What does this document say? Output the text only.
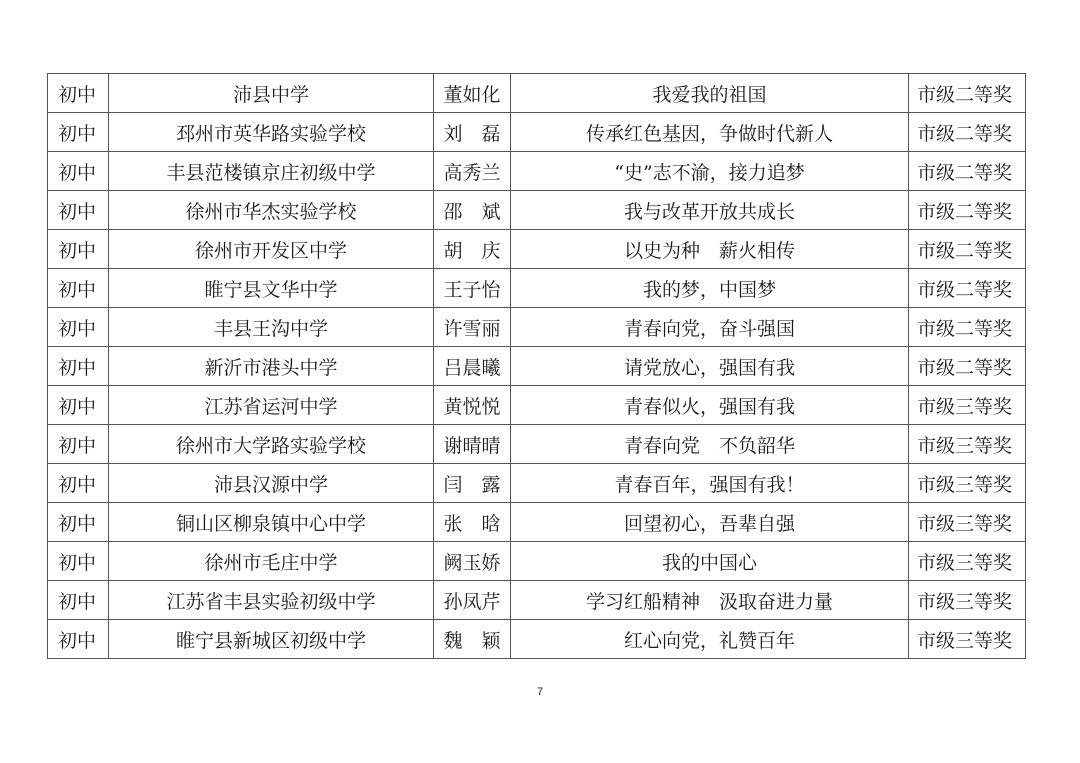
初中	沛县中学	董如化	我爱我的祖国	市级二等奖
初中	邳州市英华路实验学校	刘　磊	传承红色基因，争做时代新人	市级二等奖
初中	丰县范楼镇京庄初级中学	高秀兰	“史”志不渝，接力追梦	市级二等奖
初中	徐州市华杰实验学校	邵　斌	我与改革开放共成长	市级二等奖
初中	徐州市开发区中学	胡　庆	以史为种　薪火相传	市级二等奖
初中	睢宁县文华中学	王子怡	我的梦，中国梦	市级二等奖
初中	丰县王沟中学	许雪丽	青春向党，奋斗强国	市级二等奖
初中	新沂市港头中学	吕晨曦	请党放心，强国有我	市级二等奖
初中	江苏省运河中学	黄悦悦	青春似火，强国有我	市级三等奖
初中	徐州市大学路实验学校	谢晴晴	青春向党　不负韶华	市级三等奖
初中	沛县汉源中学	闫　露	青春百年，强国有我！	市级三等奖
初中	铜山区柳泉镇中心中学	张　晗	回望初心，吾辈自强	市级三等奖
初中	徐州市毛庄中学	阙玉娇	我的中国心	市级三等奖
初中	江苏省丰县实验初级中学	孙凤芹	学习红船精神　汲取奋进力量	市级三等奖
初中	睢宁县新城区初级中学	魏　颖	红心向党，礼赞百年	市级三等奖
7
